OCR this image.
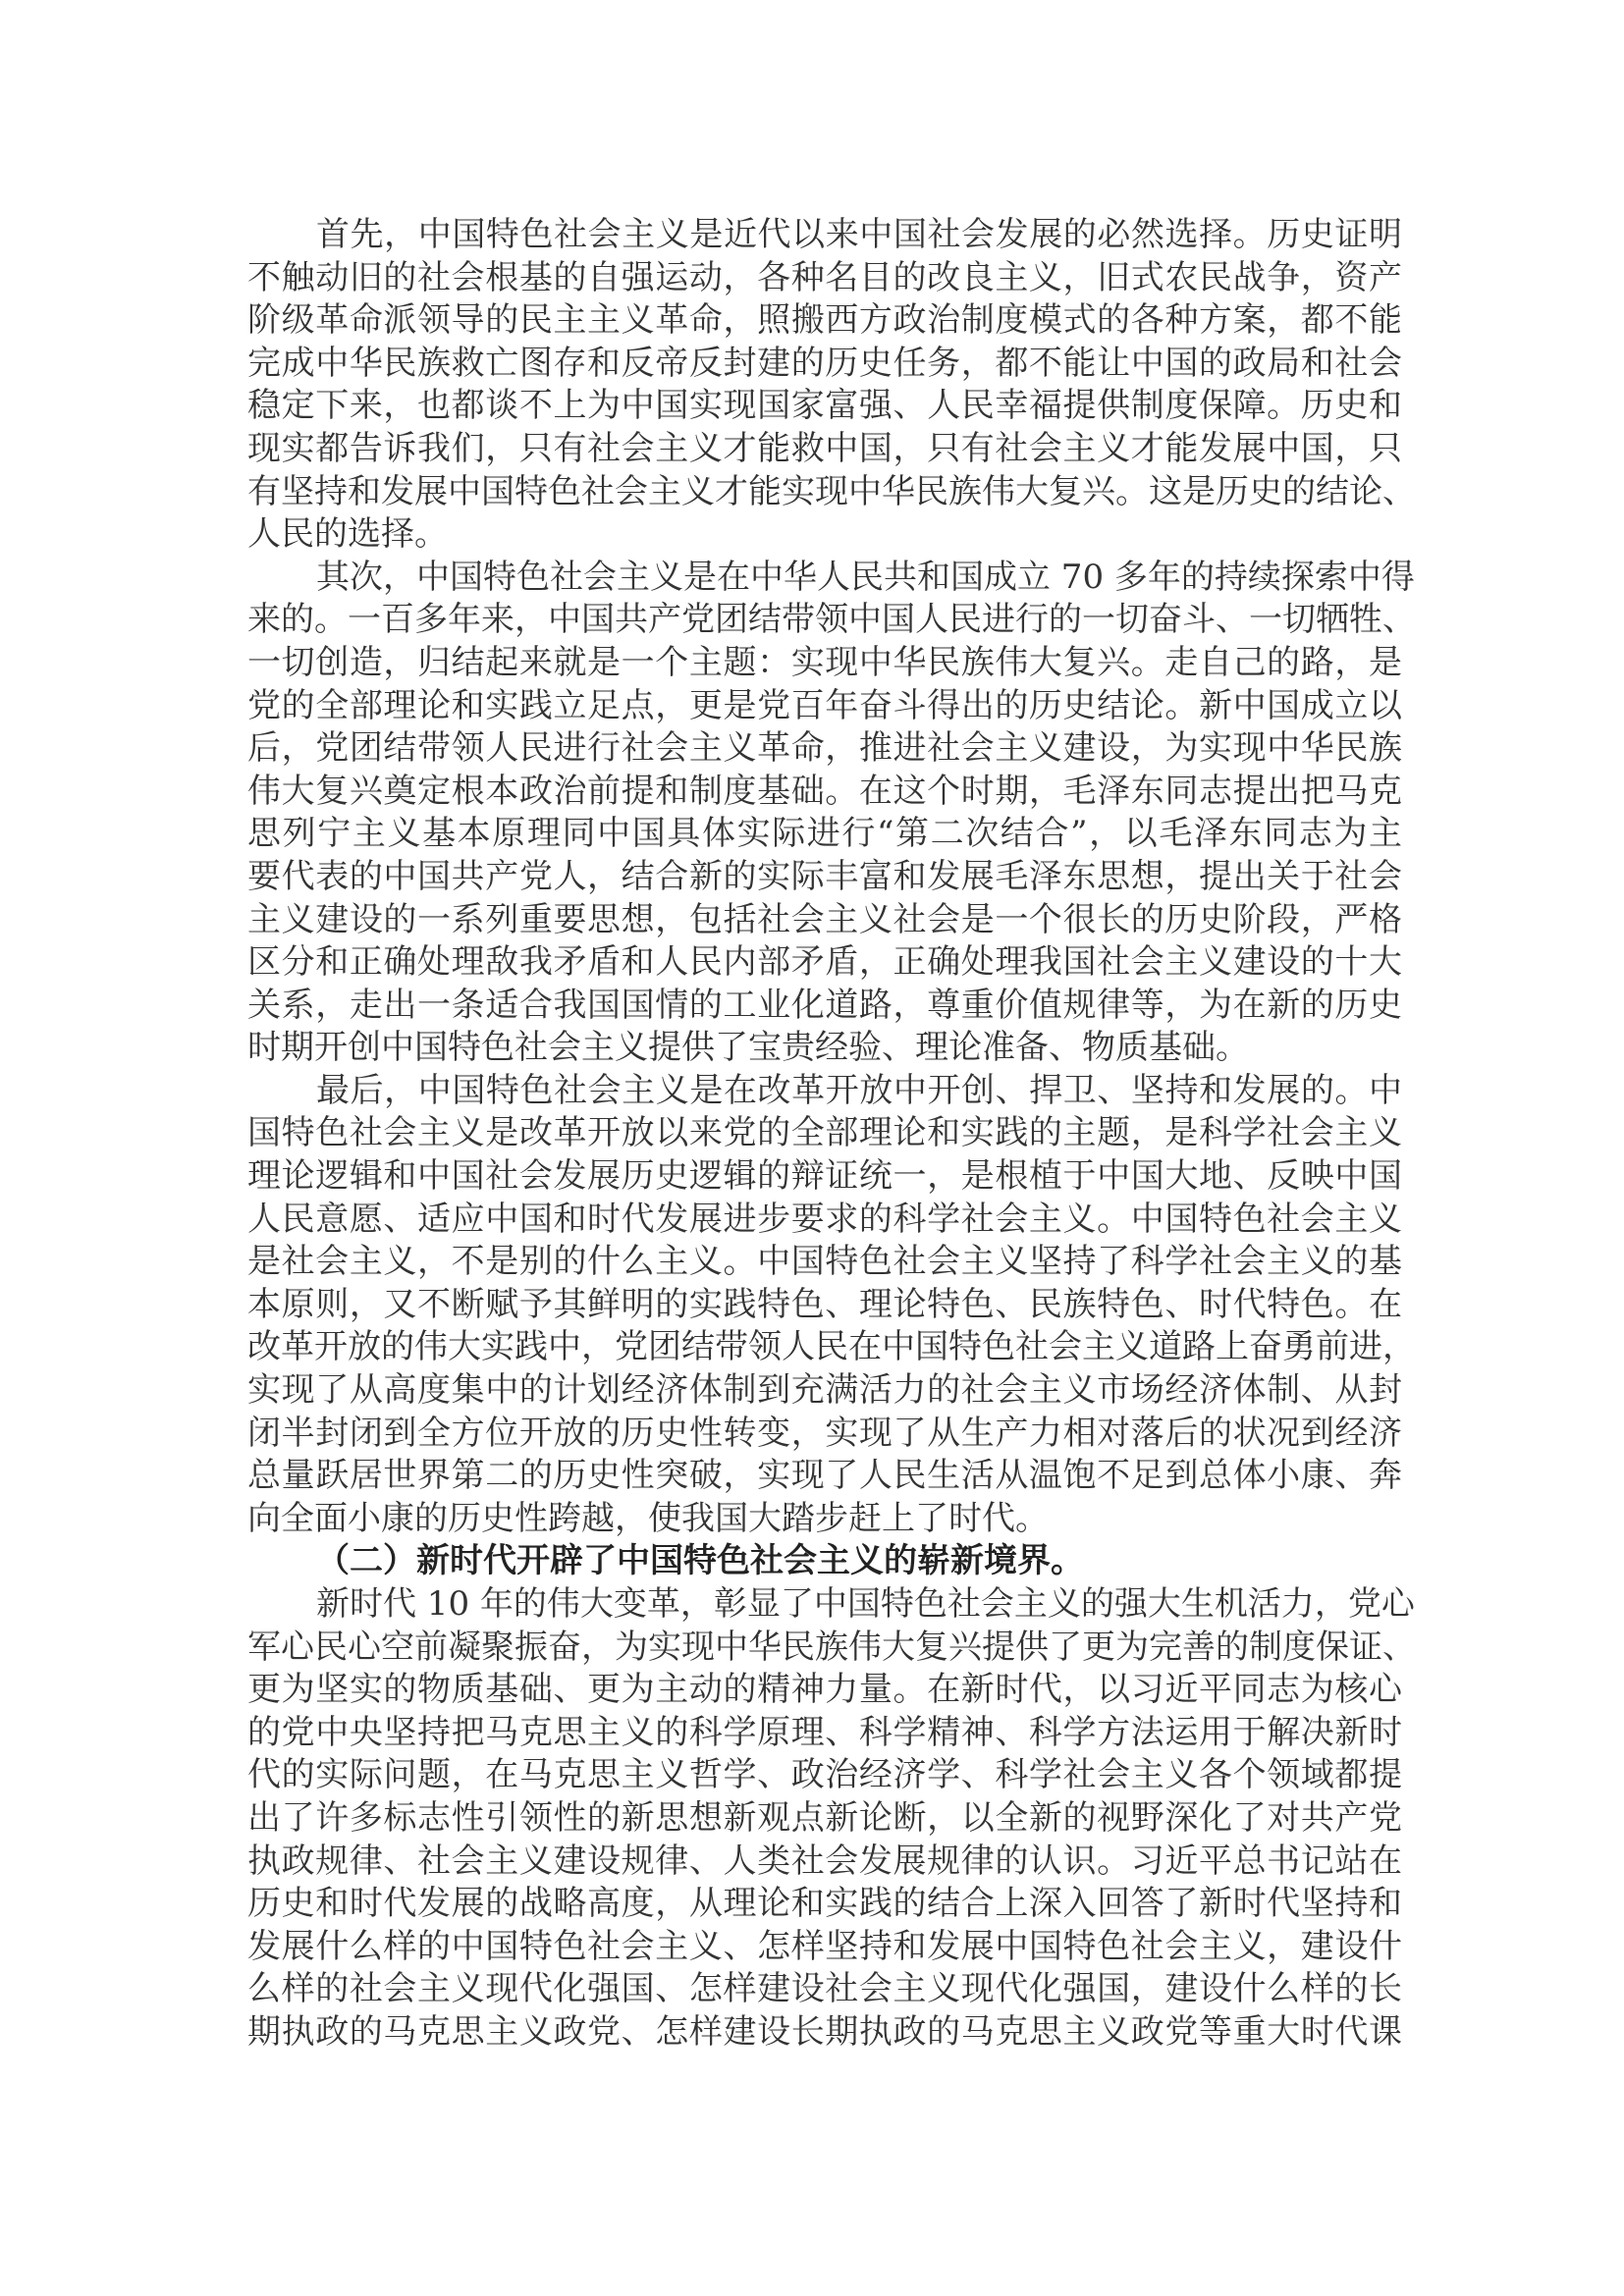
首先，中国特色社会主义是近代以来中国社会发展的必然选择。历史证明
不触动旧的社会根基的自强运动，各种名目的改良主义，旧式农民战争，资产
阶级革命派领导的民主主义革命，照搬西方政治制度模式的各种方案，都不能
完成中华民族救亡图存和反帝反封建的历史任务，都不能让中国的政局和社会
稳定下来，也都谈不上为中国实现国家富强、人民幸福提供制度保障。历史和
现实都告诉我们，只有社会主义才能救中国，只有社会主义才能发展中国，只
有坚持和发展中国特色社会主义才能实现中华民族伟大复兴。这是历史的结论、
人民的选择。
其次，中国特色社会主义是在中华人民共和国成立 70 多年的持续探索中得
来的。一百多年来，中国共产党团结带领中国人民进行的一切奋斗、一切牺牲、
一切创造，归结起来就是一个主题：实现中华民族伟大复兴。走自己的路，是
党的全部理论和实践立足点，更是党百年奋斗得出的历史结论。新中国成立以
后，党团结带领人民进行社会主义革命，推进社会主义建设，为实现中华民族
伟大复兴奠定根本政治前提和制度基础。在这个时期，毛泽东同志提出把马克
思列宁主义基本原理同中国具体实际进行“第二次结合”，以毛泽东同志为主
要代表的中国共产党人，结合新的实际丰富和发展毛泽东思想，提出关于社会
主义建设的一系列重要思想，包括社会主义社会是一个很长的历史阶段，严格
区分和正确处理敌我矛盾和人民内部矛盾，正确处理我国社会主义建设的十大
关系，走出一条适合我国国情的工业化道路，尊重价值规律等，为在新的历史
时期开创中国特色社会主义提供了宝贵经验、理论准备、物质基础。
最后，中国特色社会主义是在改革开放中开创、捍卫、坚持和发展的。中
国特色社会主义是改革开放以来党的全部理论和实践的主题，是科学社会主义
理论逻辑和中国社会发展历史逻辑的辩证统一，是根植于中国大地、反映中国
人民意愿、适应中国和时代发展进步要求的科学社会主义。中国特色社会主义
是社会主义，不是别的什么主义。中国特色社会主义坚持了科学社会主义的基
本原则，又不断赋予其鲜明的实践特色、理论特色、民族特色、时代特色。在
改革开放的伟大实践中，党团结带领人民在中国特色社会主义道路上奋勇前进，
实现了从高度集中的计划经济体制到充满活力的社会主义市场经济体制、从封
闭半封闭到全方位开放的历史性转变，实现了从生产力相对落后的状况到经济
总量跃居世界第二的历史性突破，实现了人民生活从温饱不足到总体小康、奔
向全面小康的历史性跨越，使我国大踏步赶上了时代。
（二）新时代开辟了中国特色社会主义的崭新境界。
新时代 10 年的伟大变革，彰显了中国特色社会主义的强大生机活力，党心
军心民心空前凝聚振奋，为实现中华民族伟大复兴提供了更为完善的制度保证、
更为坚实的物质基础、更为主动的精神力量。在新时代，以习近平同志为核心
的党中央坚持把马克思主义的科学原理、科学精神、科学方法运用于解决新时
代的实际问题，在马克思主义哲学、政治经济学、科学社会主义各个领域都提
出了许多标志性引领性的新思想新观点新论断，以全新的视野深化了对共产党
执政规律、社会主义建设规律、人类社会发展规律的认识。习近平总书记站在
历史和时代发展的战略高度，从理论和实践的结合上深入回答了新时代坚持和
发展什么样的中国特色社会主义、怎样坚持和发展中国特色社会主义，建设什
么样的社会主义现代化强国、怎样建设社会主义现代化强国，建设什么样的长
期执政的马克思主义政党、怎样建设长期执政的马克思主义政党等重大时代课
